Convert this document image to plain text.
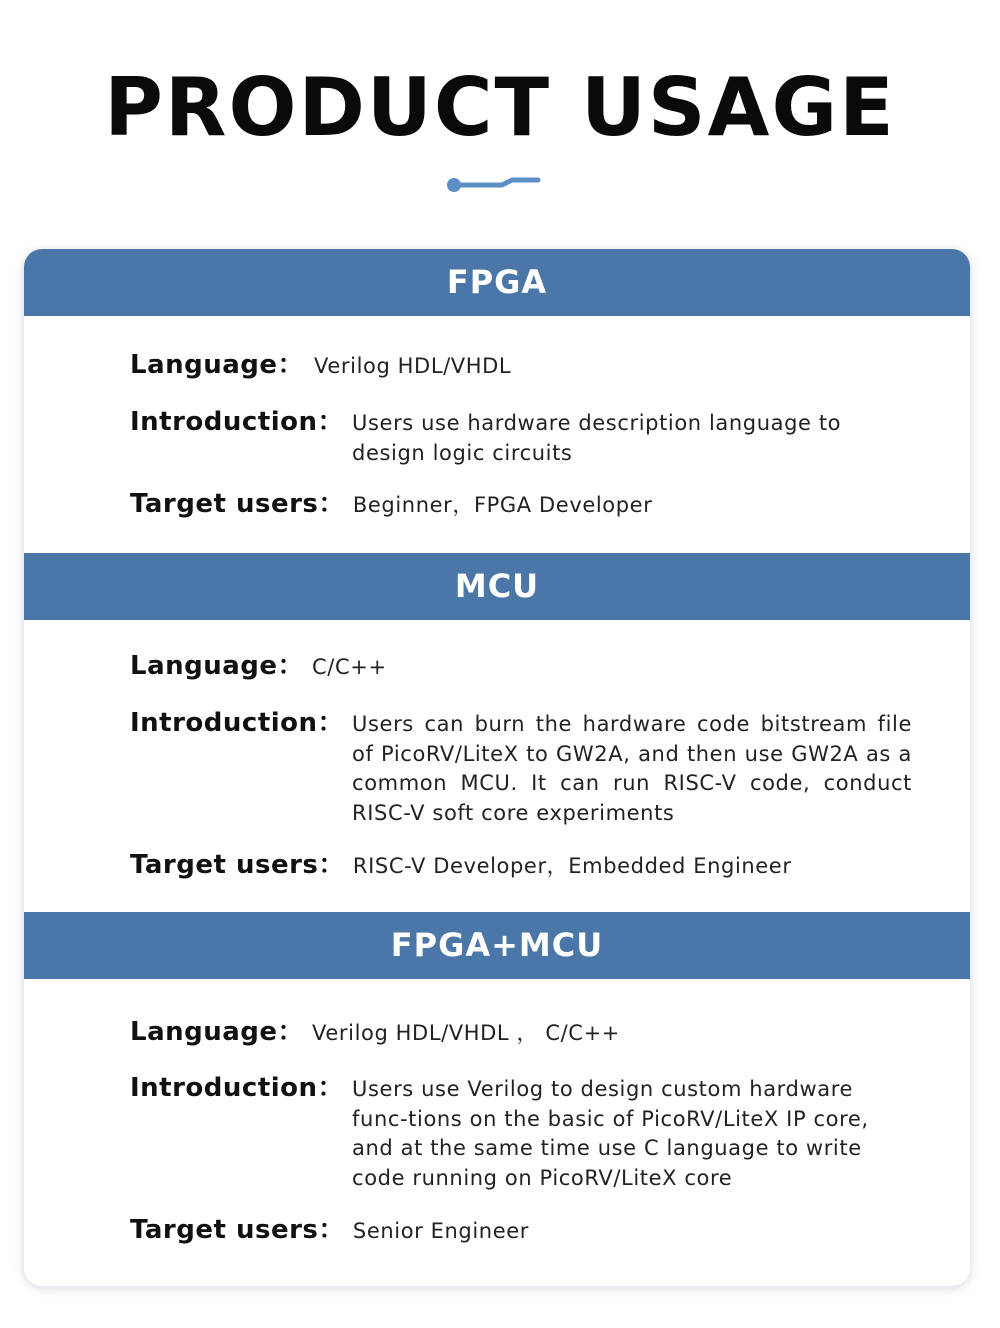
PRODUCT USAGE
FPGA
Language： Verilog HDL/VHDL
Introduction： Users use hardware description language to design logic circuits
Target users： Beginner，FPGA Developer
MCU
Language： C/C++
Introduction： Users can burn the hardware code bitstream file of PicoRV/LiteX to GW2A, and then use GW2A as a common MCU. It can run RISC-V code, conduct RISC-V soft core experiments
Target users： RISC-V Developer，Embedded Engineer
FPGA+MCU
Language： Verilog HDL/VHDL ， C/C++
Introduction： Users use Verilog to design custom hardware func-tions on the basic of PicoRV/LiteX IP core, and at the same time use C language to write code running on PicoRV/LiteX core
Target users： Senior Engineer
